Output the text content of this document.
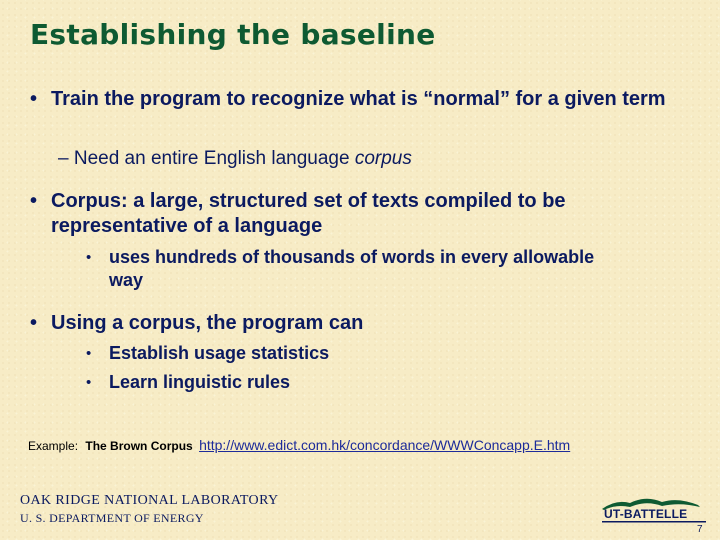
Establishing the baseline
• Train the program to recognize what is “normal” for a given term
– Need an entire English language corpus
• Corpus: a large, structured set of texts compiled to be representative of a language
• uses hundreds of thousands of words in every allowable way
• Using a corpus, the program can
• Establish usage statistics
• Learn linguistic rules
Example: The Brown Corpus http://www.edict.com.hk/concordance/WWWConcapp.E.htm
OAK RIDGE NATIONAL LABORATORY
U. S. DEPARTMENT OF ENERGY	UT-BATTELLE
7
